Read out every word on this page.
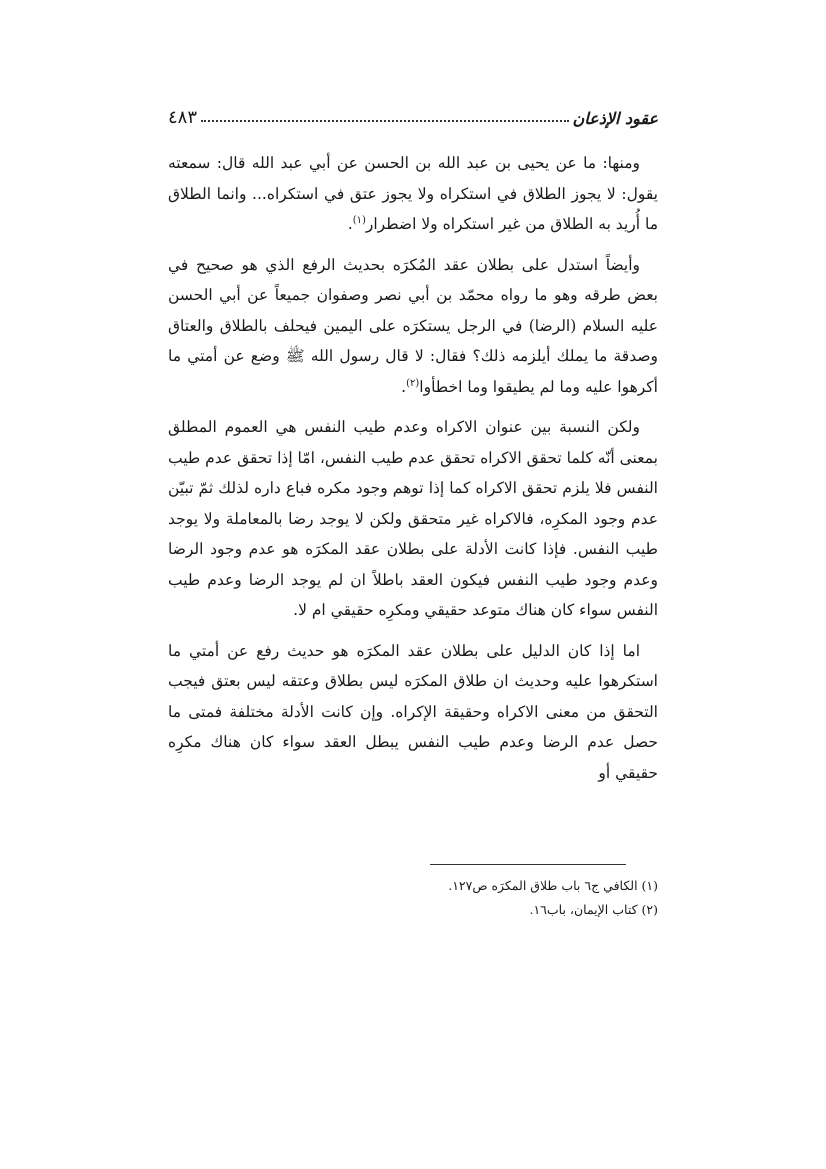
عقود الإذعان
٤٨٣

ومنها: ما عن يحيى بن عبد الله بن الحسن عن أبي عبد الله قال: سمعته يقول: لا يجوز الطلاق في استكراه ولا يجوز عتق في استكراه... وانما الطلاق ما أُريد به الطلاق من غير استكراه ولا اضطرار$^{(١)}$.

وأيضاً استدل على بطلان عقد المُكرَه بحديث الرفع الذي هو صحيح في بعض طرقه وهو ما رواه محمّد بن أبي نصر وصفوان جميعاً عن أبي الحسن عليه السلام (الرضا) في الرجل يستكرَه على اليمين فيحلف بالطلاق والعتاق وصدقة ما يملك أيلزمه ذلك؟ فقال: لا قال رسول الله ﷺ وضع عن أمتي ما أكرهوا عليه وما لم يطيقوا وما اخطأوا$^{(٢)}$.

ولكن النسبة بين عنوان الاكراه وعدم طيب النفس هي العموم المطلق بمعنى أنّه كلما تحقق الاكراه تحقق عدم طيب النفس، امّا إذا تحقق عدم طيب النفس فلا يلزم تحقق الاكراه كما إذا توهم وجود مكره فباع داره لذلك ثمّ تبيّن عدم وجود المكرِه، فالاكراه غير متحقق ولكن لا يوجد رضا بالمعاملة ولا يوجد طيب النفس. فإذا كانت الأدلة على بطلان عقد المكرَه هو عدم وجود الرضا وعدم وجود طيب النفس فيكون العقد باطلاً ان لم يوجد الرضا وعدم طيب النفس سواء كان هناك متوعد حقيقي ومكرِه حقيقي ام لا.

اما إذا كان الدليل على بطلان عقد المكرَه هو حديث رفع عن أمتي ما استكرهوا عليه وحديث ان طلاق المكرَه ليس بطلاق وعتقه ليس بعتق فيجب التحقق من معنى الاكراه وحقيقة الإكراه. وإن كانت الأدلة مختلفة فمتى ما حصل عدم الرضا وعدم طيب النفس يبطل العقد سواء كان هناك مكرِه حقيقي أو

(١) الكافي ج٦ باب طلاق المكرَه ص١٢٧.
(٢) كتاب الإيمان، باب١٦.
